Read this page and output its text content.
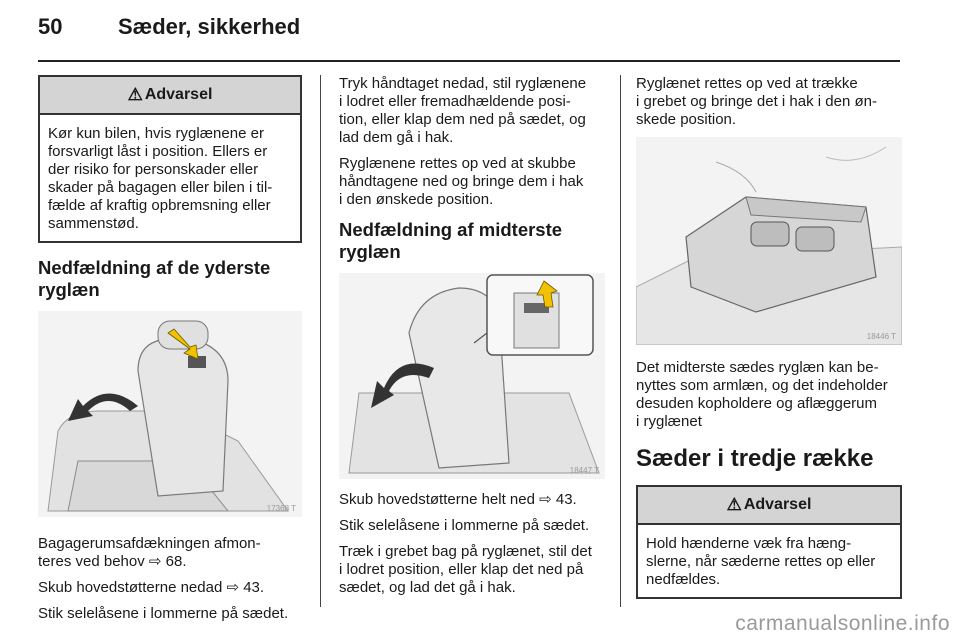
50	Sæder, sikkerhed
⚠ Advarsel
Kør kun bilen, hvis ryglænene er
forsvarligt låst i position. Ellers er
der risiko for personskader eller
skader på bagagen eller bilen i til-
fælde af kraftig opbremsning eller
sammenstød.
Nedfældning af de yderste
ryglæn
17368 T
Bagagerumsafdækningen afmon-
teres ved behov ⇨ 68.
Skub hovedstøtterne nedad ⇨ 43.
Stik selelåsene i lommerne på sædet.
Tryk håndtaget nedad, stil ryglænene
i lodret eller fremadhældende posi-
tion, eller klap dem ned på sædet, og
lad dem gå i hak.
Ryglænene rettes op ved at skubbe
håndtagene ned og bringe dem i hak
i den ønskede position.
Nedfældning af midterste
ryglæn
18447 T
Skub hovedstøtterne helt ned ⇨ 43.
Stik selelåsene i lommerne på sædet.
Træk i grebet bag på ryglænet, stil det
i lodret position, eller klap det ned på
sædet, og lad det gå i hak.
Ryglænet rettes op ved at trække
i grebet og bringe det i hak i den øn-
skede position.
18446 T
Det midterste sædes ryglæn kan be-
nyttes som armlæn, og det indeholder
desuden kopholdere og aflæggerum
i ryglænet
Sæder i tredje række
⚠ Advarsel
Hold hænderne væk fra hæng-
slerne, når sæderne rettes op eller
nedfældes.
carmanualsonline.info
